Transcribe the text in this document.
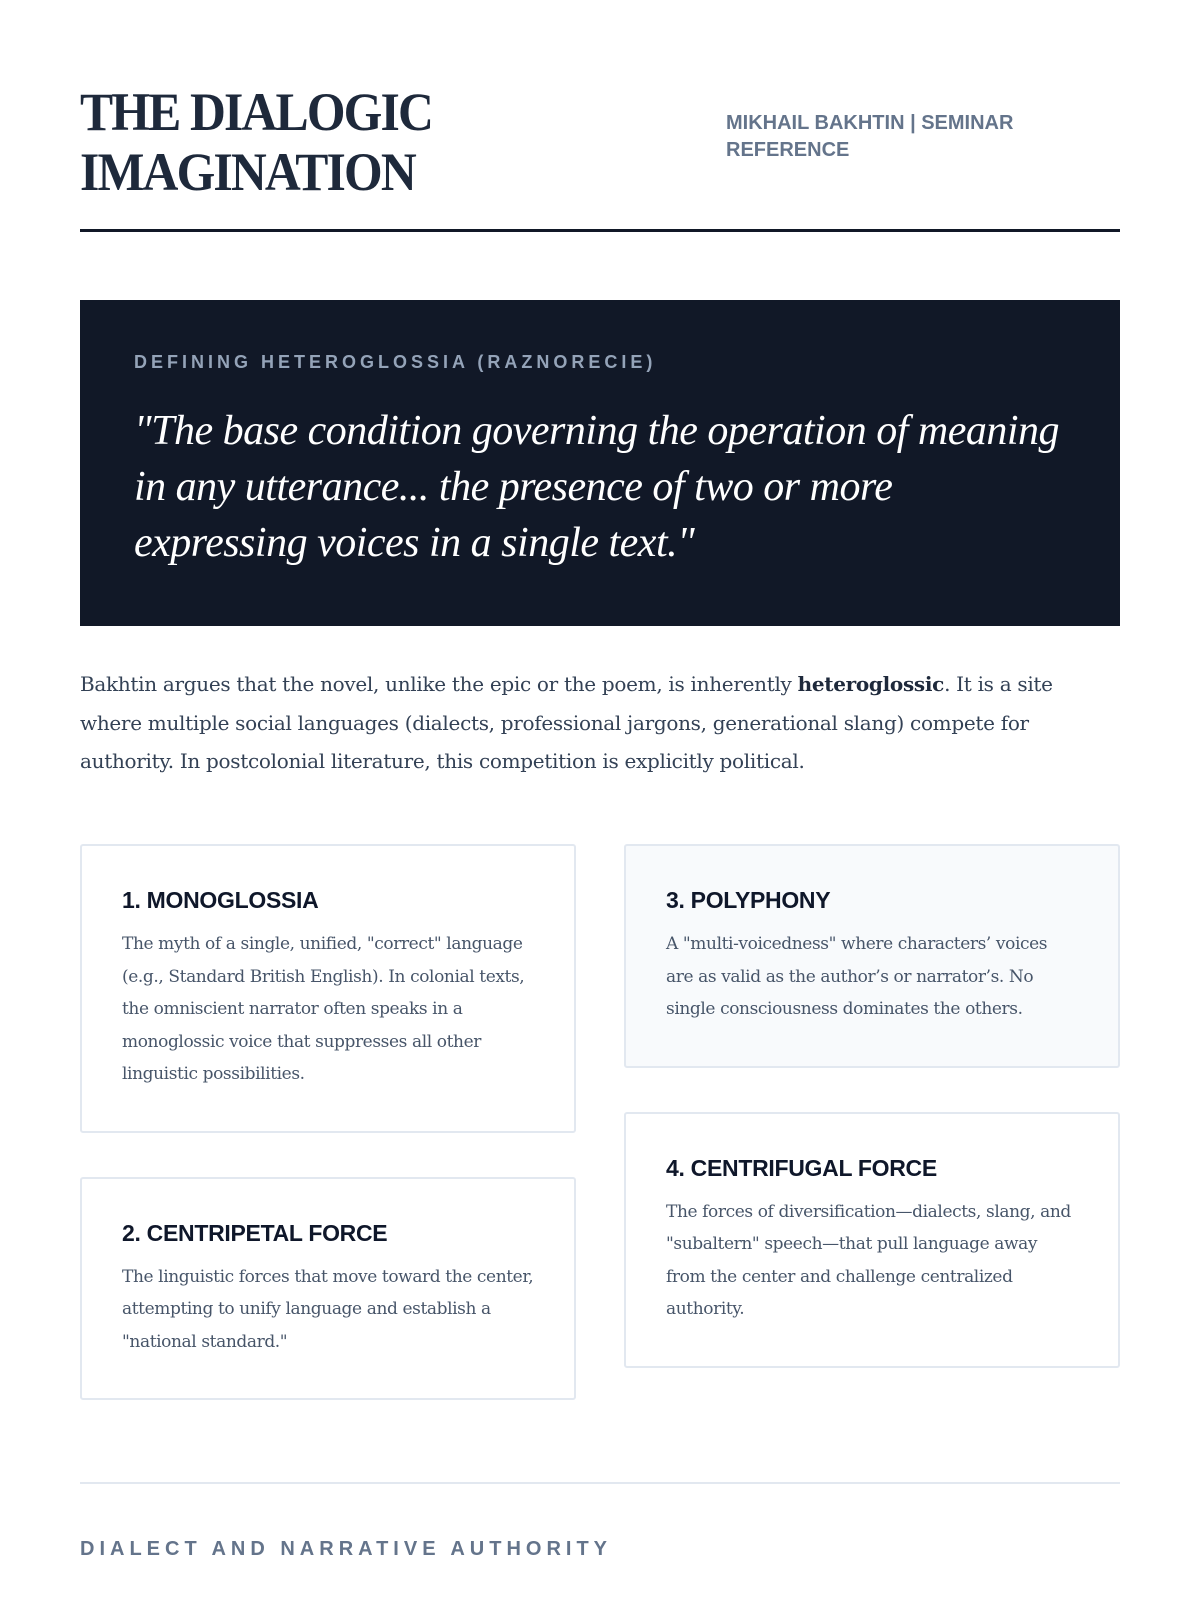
THE DIALOGIC
IMAGINATION
MIKHAIL BAKHTIN | SEMINAR REFERENCE
DEFINING HETEROGLOSSIA (RAZNORECIE)
"The base condition governing the operation of meaning in any utterance... the presence of two or more expressing voices in a single text."

Bakhtin argues that the novel, unlike the epic or the poem, is inherently heteroglossic. It is a site where multiple social languages (dialects, professional jargons, generational slang) compete for authority. In postcolonial literature, this competition is explicitly political.

1. MONOGLOSSIA

The myth of a single, unified, "correct" language (e.g., Standard British English). In colonial texts, the omniscient narrator often speaks in a monoglossic voice that suppresses all other linguistic possibilities.

2. CENTRIPETAL FORCE

The linguistic forces that move toward the center, attempting to unify language and establish a "national standard."

3. POLYPHONY

A "multi-voicedness" where characters’ voices are as valid as the author’s or narrator’s. No single consciousness dominates the others.

4. CENTRIFUGAL FORCE

The forces of diversification—dialects, slang, and "subaltern" speech—that pull language away from the center and challenge centralized authority.

DIALECT AND NARRATIVE AUTHORITY
